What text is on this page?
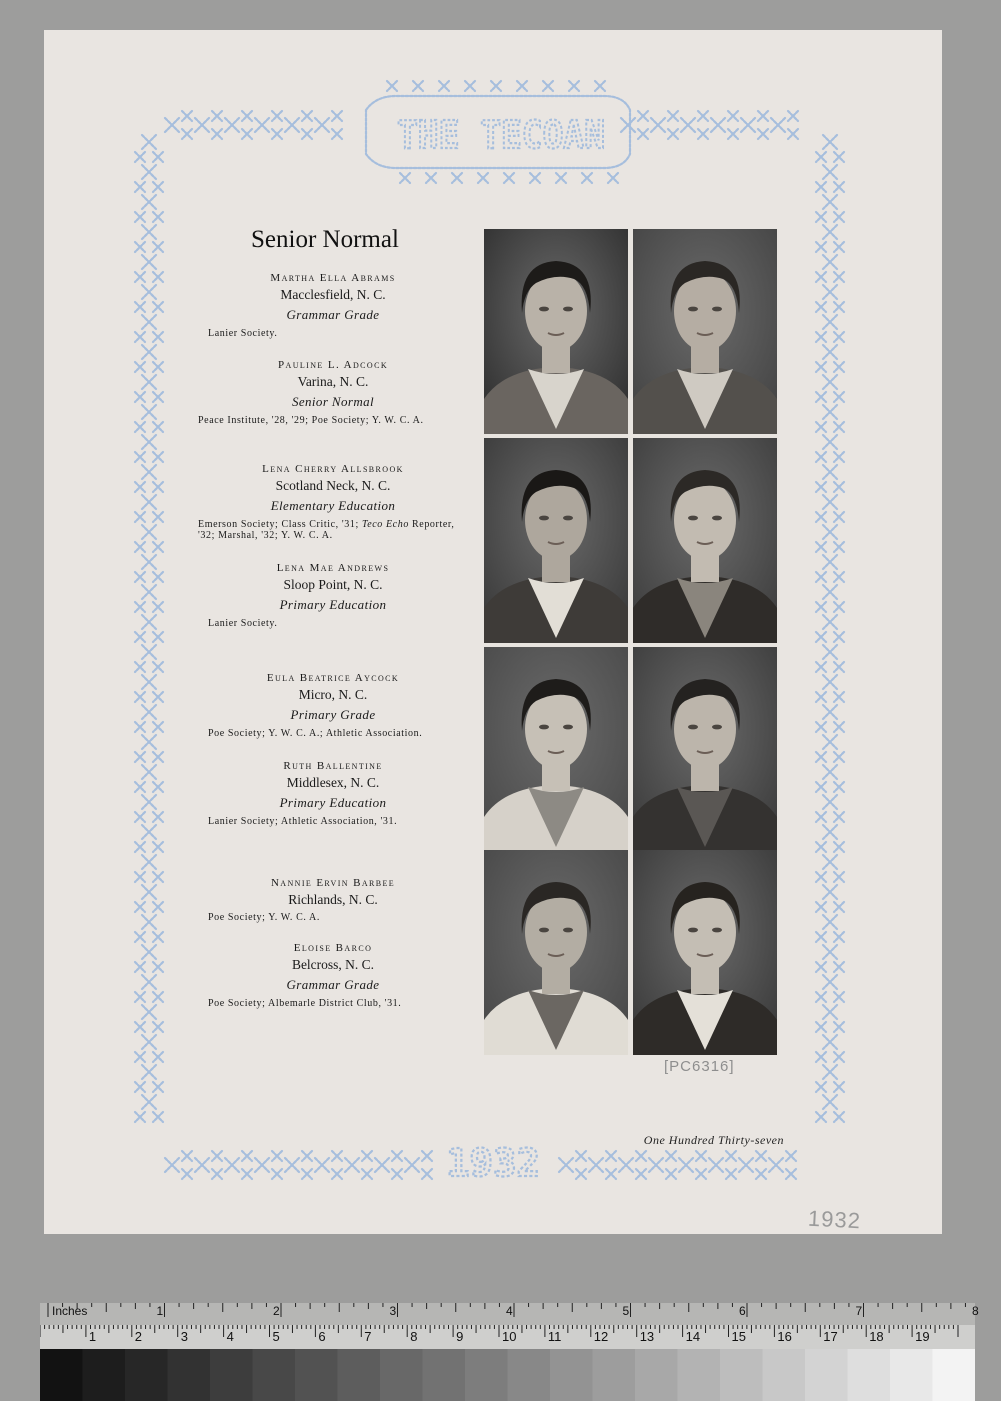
THE TECOAN
1932
Senior Normal
Martha Ella Abrams
Macclesfield, N. C.
Grammar Grade
Lanier Society.
Pauline L. Adcock
Varina, N. C.
Senior Normal
Peace Institute, '28, '29; Poe Society; Y. W. C. A.
Lena Cherry Allsbrook
Scotland Neck, N. C.
Elementary Education
Emerson Society; Class Critic, '31; Teco Echo Reporter, '32; Marshal, '32; Y. W. C. A.
Lena Mae Andrews
Sloop Point, N. C.
Primary Education
Lanier Society.
Eula Beatrice Aycock
Micro, N. C.
Primary Grade
Poe Society; Y. W. C. A.; Athletic Association.
Ruth Ballentine
Middlesex, N. C.
Primary Education
Lanier Society; Athletic Association, '31.
Nannie Ervin Barbee
Richlands, N. C.
Poe Society; Y. W. C. A.
Eloise Barco
Belcross, N. C.
Grammar Grade
Poe Society; Albemarle District Club, '31.
[PC6316]
One Hundred Thirty-seven
1932
Inches	1	2	3	4	5	6	7	8
1	2	3	4	5	6	7	8	9	10 11 12 13 14 15 16 17 18 19
